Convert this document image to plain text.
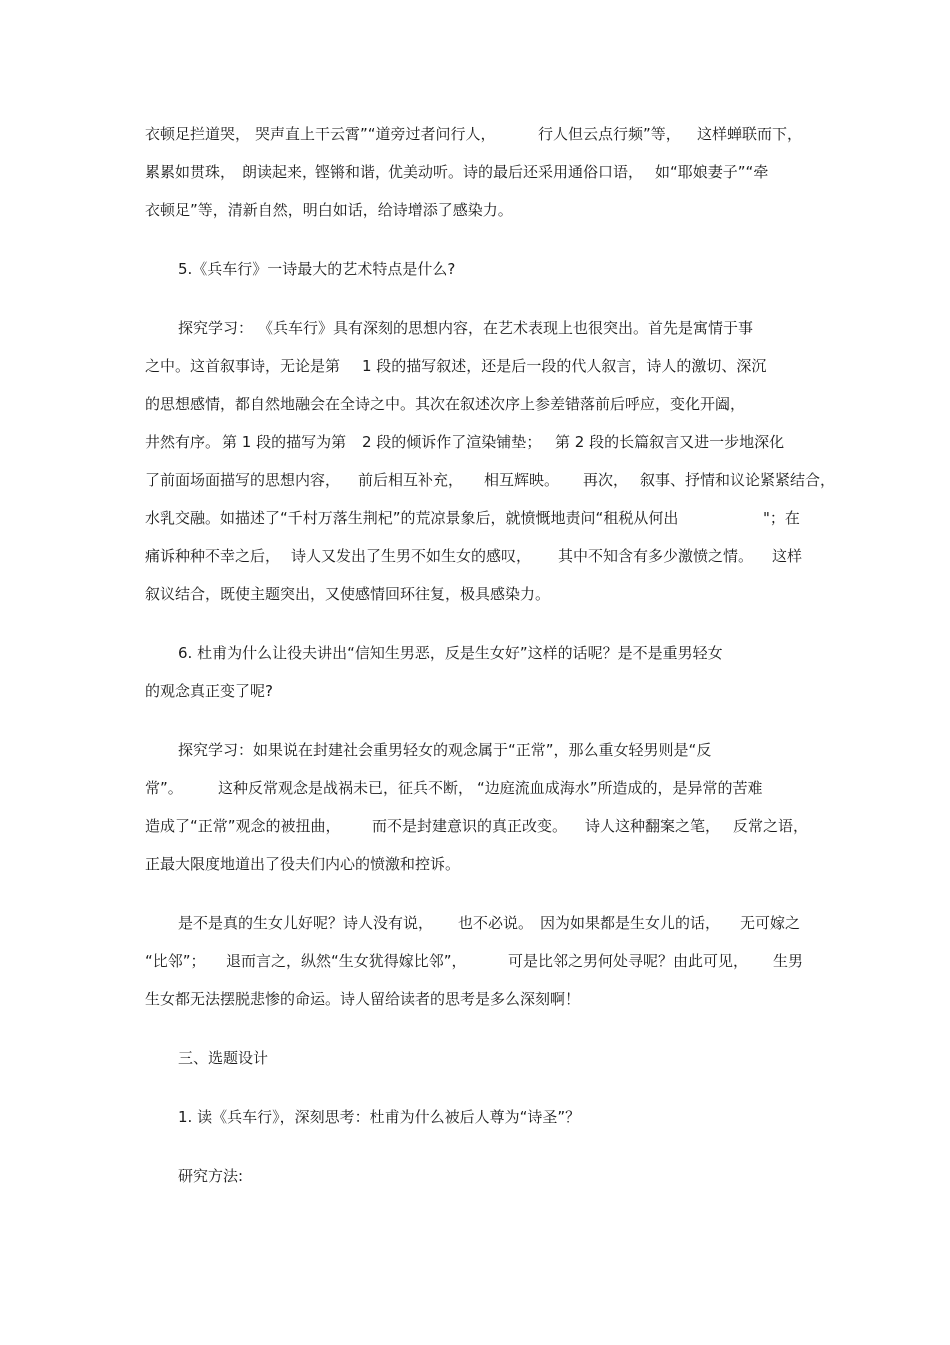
衣顿足拦道哭，

哭声直上干云霄”“道旁过者问行人，

	行人但云点行频”等，

这样蝉联而下，

累累如贯珠，

朗读起来，

铿锵和谐，

优美动听。诗的最后还采用通俗口语，

如“耶娘妻子”“牵

衣顿足”等，清新自然，明白如话，给诗增添了感染力。

5.《兵车行》一诗最大的艺术特点是什么?

探究学习：

《兵车行》具有深刻的思想内容，在艺术表现上也很突出。首先是寓情于事

之中。这首叙事诗，无论是第

1 段的描写叙述，还是后一段的代人叙言，诗人的激切、深沉

的思想感情，都自然地融会在全诗之中。其次在叙述次序上参差错落前后呼应，变化开阖，

井然有序。

第 1 段的描写为第

2 段的倾诉作了渲染铺垫；

第 2 段的长篇叙言又进一步地深化

了前面场面描写的思想内容，

前后相互补充，

相互辉映。

再次，

叙事、抒情和议论紧紧结合，

水乳交融。如描述了“千村万落生荆杞”的荒凉景象后，就愤慨地责问“租税从何出

	"；在

痛诉种种不幸之后，

诗人又发出了生男不如生女的感叹，

其中不知含有多少激愤之情。

这样

叙议结合，既使主题突出，又使感情回环往复，极具感染力。

6. 杜甫为什么让役夫讲出“信知生男恶，反是生女好”这样的话呢？是不是重男轻女

的观念真正变了呢?

探究学习：如果说在封建社会重男轻女的观念属于“正常”，那么重女轻男则是“反

常”。

这种反常观念是战祸未已，征兵不断，

“边庭流血成海水”所造成的，是异常的苦难

造成了“正常”观念的被扭曲，

而不是封建意识的真正改变。

诗人这种翻案之笔，

反常之语，

正最大限度地道出了役夫们内心的愤激和控诉。

是不是真的生女儿好呢？诗人没有说，

也不必说。

因为如果都是生女儿的话，

无可嫁之

“比邻”；

退而言之，纵然“生女犹得嫁比邻”，

	可是比邻之男何处寻呢？由此可见，

生男

生女都无法摆脱悲惨的命运。诗人留给读者的思考是多么深刻啊！

三、选题设计

1. 读《兵车行》，深刻思考：杜甫为什么被后人尊为“诗圣”？

研究方法:
